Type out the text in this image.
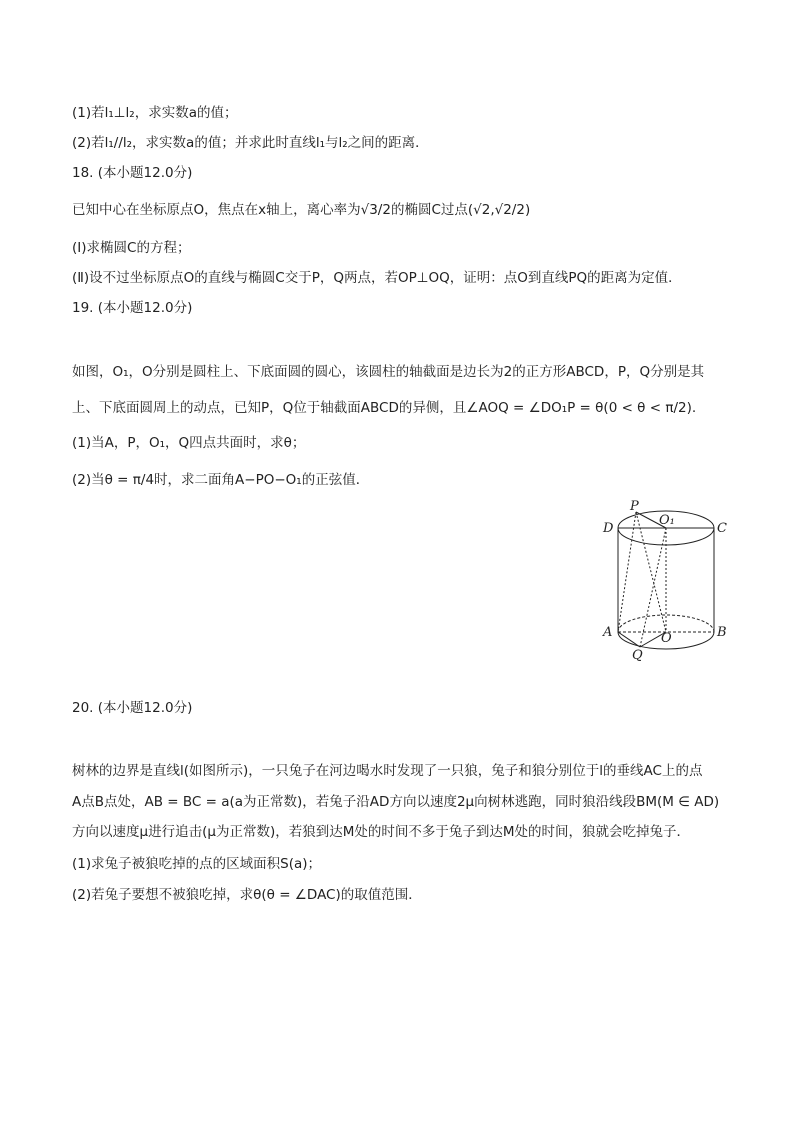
(1)若l₁⊥l₂，求实数a的值；
(2)若l₁//l₂，求实数a的值；并求此时直线l₁与l₂之间的距离．
18. (本小题12.0分)
已知中心在坐标原点O，焦点在x轴上，离心率为√3/2的椭圆C过点(√2,√2/2)
(Ⅰ)求椭圆C的方程；
(Ⅱ)设不过坐标原点O的直线与椭圆C交于P，Q两点，若OP⊥OQ，证明：点O到直线PQ的距离为定值．
19. (本小题12.0分)
如图，O₁，O分别是圆柱上、下底面圆的圆心，该圆柱的轴截面是边长为2的正方形ABCD，P，Q分别是其
上、下底面圆周上的动点，已知P，Q位于轴截面ABCD的异侧，且∠AOQ = ∠DO₁P = θ(0 < θ < π/2).
(1)当A，P，O₁，Q四点共面时，求θ；
(2)当θ = π/4时，求二面角A−PO−O₁的正弦值．
P
O₁
D	C
A	O	B
Q
20. (本小题12.0分)
树林的边界是直线l(如图所示)，一只兔子在河边喝水时发现了一只狼，兔子和狼分别位于l的垂线AC上的点
A点B点处，AB = BC = a(a为正常数)，若兔子沿AD方向以速度2μ向树林逃跑，同时狼沿线段BM(M ∈ AD)
方向以速度μ进行追击(μ为正常数)，若狼到达M处的时间不多于兔子到达M处的时间，狼就会吃掉兔子．
(1)求兔子被狼吃掉的点的区域面积S(a)；
(2)若兔子要想不被狼吃掉，求θ(θ = ∠DAC)的取值范围．
